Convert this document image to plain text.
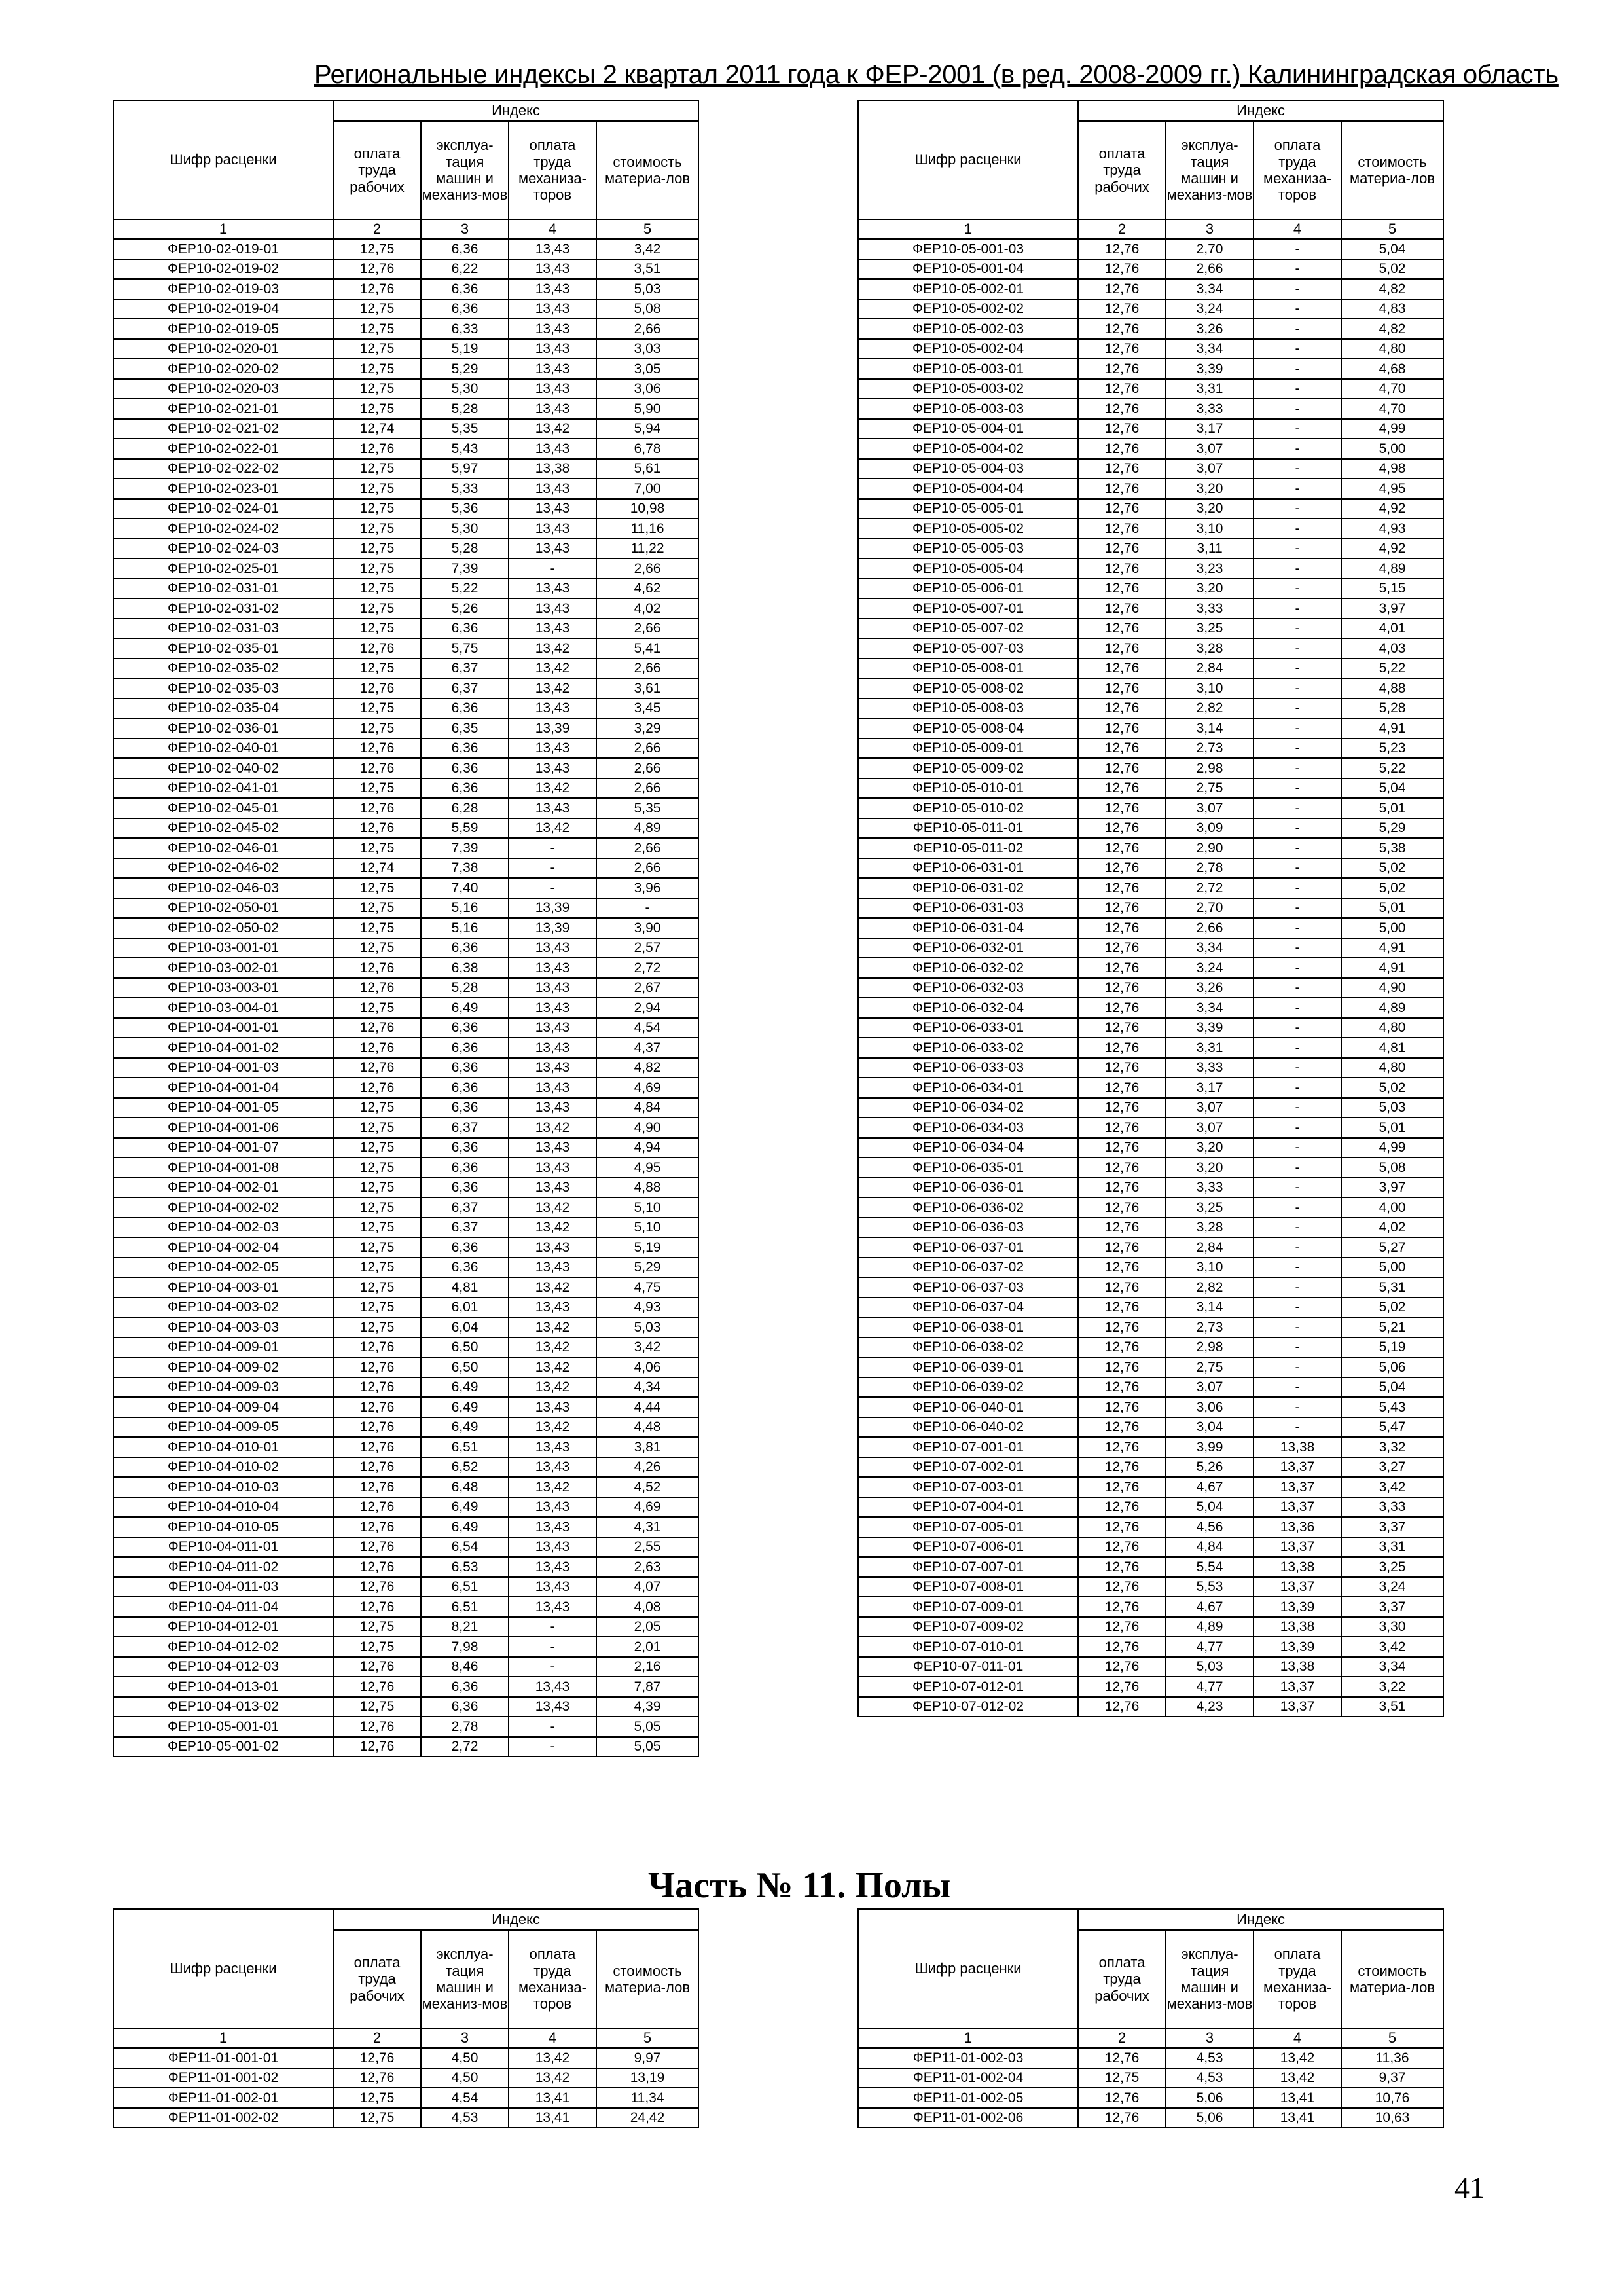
Региональные индексы 2 квартал 2011 года к ФЕР-2001 (в ред. 2008-2009 гг.) Калининградская область
Шифр расценки	Индекс			
	оплата труда рабочих	эксплуа-тация машин и механиз-мов	оплата труда механиза-торов	стоимость материа-лов
1	2	3	4	5
ФЕР10-02-019-01	12,75	6,36	13,43	3,42
ФЕР10-02-019-02	12,76	6,22	13,43	3,51
ФЕР10-02-019-03	12,76	6,36	13,43	5,03
ФЕР10-02-019-04	12,75	6,36	13,43	5,08
ФЕР10-02-019-05	12,75	6,33	13,43	2,66
ФЕР10-02-020-01	12,75	5,19	13,43	3,03
ФЕР10-02-020-02	12,75	5,29	13,43	3,05
ФЕР10-02-020-03	12,75	5,30	13,43	3,06
ФЕР10-02-021-01	12,75	5,28	13,43	5,90
ФЕР10-02-021-02	12,74	5,35	13,42	5,94
ФЕР10-02-022-01	12,76	5,43	13,43	6,78
ФЕР10-02-022-02	12,75	5,97	13,38	5,61
ФЕР10-02-023-01	12,75	5,33	13,43	7,00
ФЕР10-02-024-01	12,75	5,36	13,43	10,98
ФЕР10-02-024-02	12,75	5,30	13,43	11,16
ФЕР10-02-024-03	12,75	5,28	13,43	11,22
ФЕР10-02-025-01	12,75	7,39	-	2,66
ФЕР10-02-031-01	12,75	5,22	13,43	4,62
ФЕР10-02-031-02	12,75	5,26	13,43	4,02
ФЕР10-02-031-03	12,75	6,36	13,43	2,66
ФЕР10-02-035-01	12,76	5,75	13,42	5,41
ФЕР10-02-035-02	12,75	6,37	13,42	2,66
ФЕР10-02-035-03	12,76	6,37	13,42	3,61
ФЕР10-02-035-04	12,75	6,36	13,43	3,45
ФЕР10-02-036-01	12,75	6,35	13,39	3,29
ФЕР10-02-040-01	12,76	6,36	13,43	2,66
ФЕР10-02-040-02	12,76	6,36	13,43	2,66
ФЕР10-02-041-01	12,75	6,36	13,42	2,66
ФЕР10-02-045-01	12,76	6,28	13,43	5,35
ФЕР10-02-045-02	12,76	5,59	13,42	4,89
ФЕР10-02-046-01	12,75	7,39	-	2,66
ФЕР10-02-046-02	12,74	7,38	-	2,66
ФЕР10-02-046-03	12,75	7,40	-	3,96
ФЕР10-02-050-01	12,75	5,16	13,39	-
ФЕР10-02-050-02	12,75	5,16	13,39	3,90
ФЕР10-03-001-01	12,75	6,36	13,43	2,57
ФЕР10-03-002-01	12,76	6,38	13,43	2,72
ФЕР10-03-003-01	12,76	5,28	13,43	2,67
ФЕР10-03-004-01	12,75	6,49	13,43	2,94
ФЕР10-04-001-01	12,76	6,36	13,43	4,54
ФЕР10-04-001-02	12,76	6,36	13,43	4,37
ФЕР10-04-001-03	12,76	6,36	13,43	4,82
ФЕР10-04-001-04	12,76	6,36	13,43	4,69
ФЕР10-04-001-05	12,75	6,36	13,43	4,84
ФЕР10-04-001-06	12,75	6,37	13,42	4,90
ФЕР10-04-001-07	12,75	6,36	13,43	4,94
ФЕР10-04-001-08	12,75	6,36	13,43	4,95
ФЕР10-04-002-01	12,75	6,36	13,43	4,88
ФЕР10-04-002-02	12,75	6,37	13,42	5,10
ФЕР10-04-002-03	12,75	6,37	13,42	5,10
ФЕР10-04-002-04	12,75	6,36	13,43	5,19
ФЕР10-04-002-05	12,75	6,36	13,43	5,29
ФЕР10-04-003-01	12,75	4,81	13,42	4,75
ФЕР10-04-003-02	12,75	6,01	13,43	4,93
ФЕР10-04-003-03	12,75	6,04	13,42	5,03
ФЕР10-04-009-01	12,76	6,50	13,42	3,42
ФЕР10-04-009-02	12,76	6,50	13,42	4,06
ФЕР10-04-009-03	12,76	6,49	13,42	4,34
ФЕР10-04-009-04	12,76	6,49	13,43	4,44
ФЕР10-04-009-05	12,76	6,49	13,42	4,48
ФЕР10-04-010-01	12,76	6,51	13,43	3,81
ФЕР10-04-010-02	12,76	6,52	13,43	4,26
ФЕР10-04-010-03	12,76	6,48	13,42	4,52
ФЕР10-04-010-04	12,76	6,49	13,43	4,69
ФЕР10-04-010-05	12,76	6,49	13,43	4,31
ФЕР10-04-011-01	12,76	6,54	13,43	2,55
ФЕР10-04-011-02	12,76	6,53	13,43	2,63
ФЕР10-04-011-03	12,76	6,51	13,43	4,07
ФЕР10-04-011-04	12,76	6,51	13,43	4,08
ФЕР10-04-012-01	12,75	8,21	-	2,05
ФЕР10-04-012-02	12,75	7,98	-	2,01
ФЕР10-04-012-03	12,76	8,46	-	2,16
ФЕР10-04-013-01	12,76	6,36	13,43	7,87
ФЕР10-04-013-02	12,75	6,36	13,43	4,39
ФЕР10-05-001-01	12,76	2,78	-	5,05
ФЕР10-05-001-02	12,76	2,72	-	5,05
Шифр расценки	Индекс			
	оплата труда рабочих	эксплуа-тация машин и механиз-мов	оплата труда механиза-торов	стоимость материа-лов
1	2	3	4	5
ФЕР10-05-001-03	12,76	2,70	-	5,04
ФЕР10-05-001-04	12,76	2,66	-	5,02
ФЕР10-05-002-01	12,76	3,34	-	4,82
ФЕР10-05-002-02	12,76	3,24	-	4,83
ФЕР10-05-002-03	12,76	3,26	-	4,82
ФЕР10-05-002-04	12,76	3,34	-	4,80
ФЕР10-05-003-01	12,76	3,39	-	4,68
ФЕР10-05-003-02	12,76	3,31	-	4,70
ФЕР10-05-003-03	12,76	3,33	-	4,70
ФЕР10-05-004-01	12,76	3,17	-	4,99
ФЕР10-05-004-02	12,76	3,07	-	5,00
ФЕР10-05-004-03	12,76	3,07	-	4,98
ФЕР10-05-004-04	12,76	3,20	-	4,95
ФЕР10-05-005-01	12,76	3,20	-	4,92
ФЕР10-05-005-02	12,76	3,10	-	4,93
ФЕР10-05-005-03	12,76	3,11	-	4,92
ФЕР10-05-005-04	12,76	3,23	-	4,89
ФЕР10-05-006-01	12,76	3,20	-	5,15
ФЕР10-05-007-01	12,76	3,33	-	3,97
ФЕР10-05-007-02	12,76	3,25	-	4,01
ФЕР10-05-007-03	12,76	3,28	-	4,03
ФЕР10-05-008-01	12,76	2,84	-	5,22
ФЕР10-05-008-02	12,76	3,10	-	4,88
ФЕР10-05-008-03	12,76	2,82	-	5,28
ФЕР10-05-008-04	12,76	3,14	-	4,91
ФЕР10-05-009-01	12,76	2,73	-	5,23
ФЕР10-05-009-02	12,76	2,98	-	5,22
ФЕР10-05-010-01	12,76	2,75	-	5,04
ФЕР10-05-010-02	12,76	3,07	-	5,01
ФЕР10-05-011-01	12,76	3,09	-	5,29
ФЕР10-05-011-02	12,76	2,90	-	5,38
ФЕР10-06-031-01	12,76	2,78	-	5,02
ФЕР10-06-031-02	12,76	2,72	-	5,02
ФЕР10-06-031-03	12,76	2,70	-	5,01
ФЕР10-06-031-04	12,76	2,66	-	5,00
ФЕР10-06-032-01	12,76	3,34	-	4,91
ФЕР10-06-032-02	12,76	3,24	-	4,91
ФЕР10-06-032-03	12,76	3,26	-	4,90
ФЕР10-06-032-04	12,76	3,34	-	4,89
ФЕР10-06-033-01	12,76	3,39	-	4,80
ФЕР10-06-033-02	12,76	3,31	-	4,81
ФЕР10-06-033-03	12,76	3,33	-	4,80
ФЕР10-06-034-01	12,76	3,17	-	5,02
ФЕР10-06-034-02	12,76	3,07	-	5,03
ФЕР10-06-034-03	12,76	3,07	-	5,01
ФЕР10-06-034-04	12,76	3,20	-	4,99
ФЕР10-06-035-01	12,76	3,20	-	5,08
ФЕР10-06-036-01	12,76	3,33	-	3,97
ФЕР10-06-036-02	12,76	3,25	-	4,00
ФЕР10-06-036-03	12,76	3,28	-	4,02
ФЕР10-06-037-01	12,76	2,84	-	5,27
ФЕР10-06-037-02	12,76	3,10	-	5,00
ФЕР10-06-037-03	12,76	2,82	-	5,31
ФЕР10-06-037-04	12,76	3,14	-	5,02
ФЕР10-06-038-01	12,76	2,73	-	5,21
ФЕР10-06-038-02	12,76	2,98	-	5,19
ФЕР10-06-039-01	12,76	2,75	-	5,06
ФЕР10-06-039-02	12,76	3,07	-	5,04
ФЕР10-06-040-01	12,76	3,06	-	5,43
ФЕР10-06-040-02	12,76	3,04	-	5,47
ФЕР10-07-001-01	12,76	3,99	13,38	3,32
ФЕР10-07-002-01	12,76	5,26	13,37	3,27
ФЕР10-07-003-01	12,76	4,67	13,37	3,42
ФЕР10-07-004-01	12,76	5,04	13,37	3,33
ФЕР10-07-005-01	12,76	4,56	13,36	3,37
ФЕР10-07-006-01	12,76	4,84	13,37	3,31
ФЕР10-07-007-01	12,76	5,54	13,38	3,25
ФЕР10-07-008-01	12,76	5,53	13,37	3,24
ФЕР10-07-009-01	12,76	4,67	13,39	3,37
ФЕР10-07-009-02	12,76	4,89	13,38	3,30
ФЕР10-07-010-01	12,76	4,77	13,39	3,42
ФЕР10-07-011-01	12,76	5,03	13,38	3,34
ФЕР10-07-012-01	12,76	4,77	13,37	3,22
ФЕР10-07-012-02	12,76	4,23	13,37	3,51
Часть № 11. Полы
Шифр расценки	Индекс			
	оплата труда рабочих	эксплуа-тация машин и механиз-мов	оплата труда механиза-торов	стоимость материа-лов
1	2	3	4	5
ФЕР11-01-001-01	12,76	4,50	13,42	9,97
ФЕР11-01-001-02	12,76	4,50	13,42	13,19
ФЕР11-01-002-01	12,75	4,54	13,41	11,34
ФЕР11-01-002-02	12,75	4,53	13,41	24,42
Шифр расценки	Индекс			
	оплата труда рабочих	эксплуа-тация машин и механиз-мов	оплата труда механиза-торов	стоимость материа-лов
1	2	3	4	5
ФЕР11-01-002-03	12,76	4,53	13,42	11,36
ФЕР11-01-002-04	12,75	4,53	13,42	9,37
ФЕР11-01-002-05	12,76	5,06	13,41	10,76
ФЕР11-01-002-06	12,76	5,06	13,41	10,63
41
